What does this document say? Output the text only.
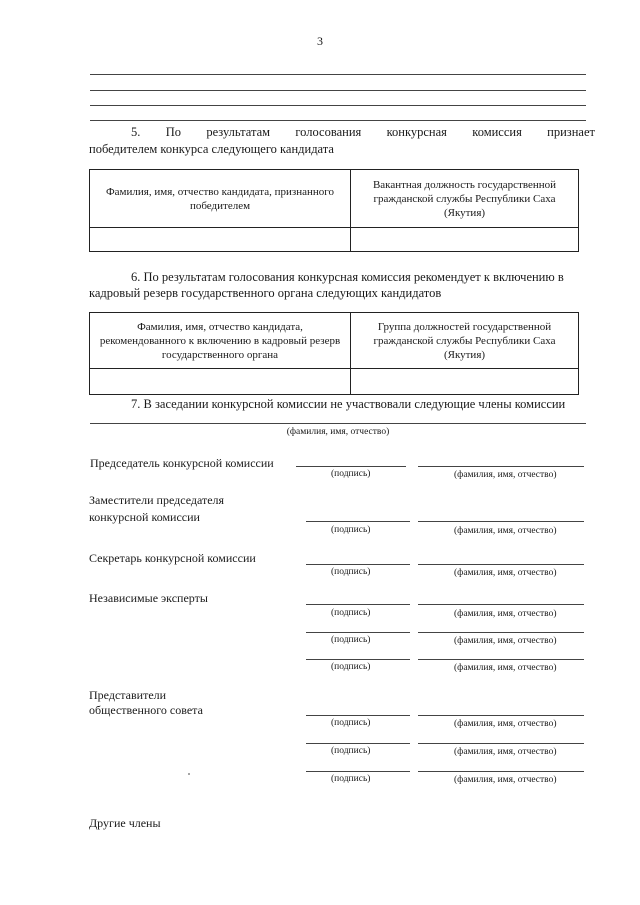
3
5. По результатам голосования конкурсная комиссия признает
победителем конкурса следующего кандидата
Фамилия, имя, отчество кандидата, признанного победителем	Вакантная должность государственной гражданской службы Республики Саха (Якутия)

6. По результатам голосования конкурсная комиссия рекомендует к включению в
кадровый резерв государственного органа следующих кандидатов
Фамилия, имя, отчество кандидата, рекомендованного к включению в кадровый резерв государственного органа	Группа должностей государственной гражданской службы Республики Саха (Якутия)

7. В заседании конкурсной комиссии не участвовали следующие члены комиссии
(фамилия, имя, отчество)
Председатель конкурсной комиссии
(подпись)	(фамилия, имя, отчество)
Заместители председателя
конкурсной комиссии
(подпись)	(фамилия, имя, отчество)
Секретарь конкурсной комиссии
(подпись)	(фамилия, имя, отчество)
Независимые эксперты
(подпись)	(фамилия, имя, отчество)
(подпись)	(фамилия, имя, отчество)
(подпись)	(фамилия, имя, отчество)
Представители
общественного совета
(подпись)	(фамилия, имя, отчество)
(подпись)	(фамилия, имя, отчество)
(подпись)	(фамилия, имя, отчество)
Другие члены
